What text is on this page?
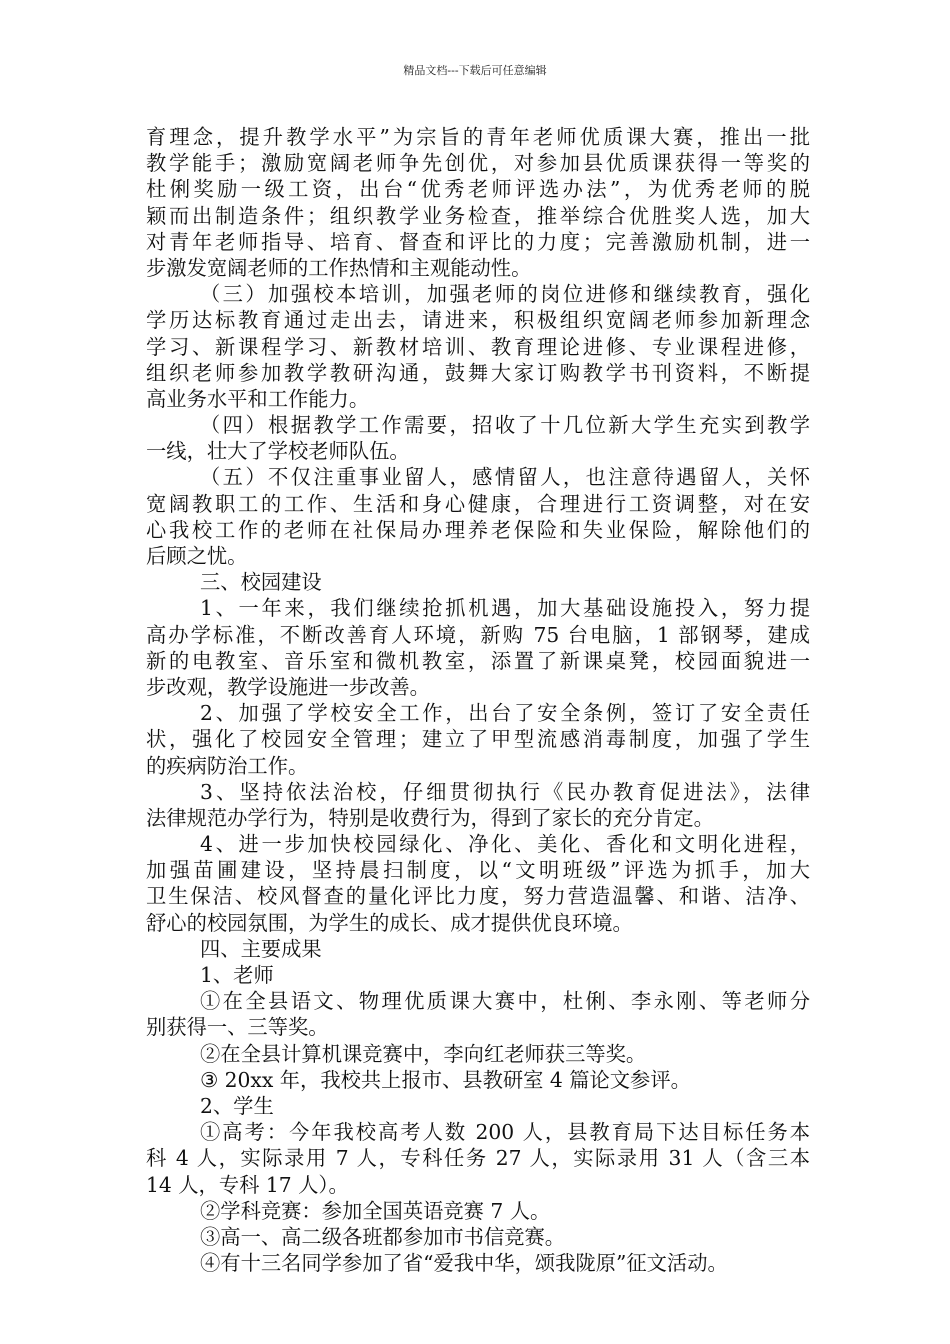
精品文档---下载后可任意编辑
育理念，提升教学水平”为宗旨的青年老师优质课大赛，推出一批
教学能手；激励宽阔老师争先创优，对参加县优质课获得一等奖的
杜俐奖励一级工资，出台“优秀老师评选办法”，为优秀老师的脱
颖而出制造条件；组织教学业务检查，推举综合优胜奖人选，加大
对青年老师指导、培育、督查和评比的力度；完善激励机制，进一
步激发宽阔老师的工作热情和主观能动性。
（三）加强校本培训，加强老师的岗位进修和继续教育，强化
学历达标教育通过走出去，请进来，积极组织宽阔老师参加新理念
学习、新课程学习、新教材培训、教育理论进修、专业课程进修，
组织老师参加教学教研沟通，鼓舞大家订购教学书刊资料，不断提
高业务水平和工作能力。
（四）根据教学工作需要，招收了十几位新大学生充实到教学
一线，壮大了学校老师队伍。
（五）不仅注重事业留人，感情留人，也注意待遇留人，关怀
宽阔教职工的工作、生活和身心健康，合理进行工资调整，对在安
心我校工作的老师在社保局办理养老保险和失业保险，解除他们的
后顾之忧。
三、校园建设
1、一年来，我们继续抢抓机遇，加大基础设施投入，努力提
高办学标准，不断改善育人环境，新购 75 台电脑，1 部钢琴，建成
新的电教室、音乐室和微机教室，添置了新课桌凳，校园面貌进一
步改观，教学设施进一步改善。
2、加强了学校安全工作，出台了安全条例，签订了安全责任
状，强化了校园安全管理；建立了甲型流感消毒制度，加强了学生
的疾病防治工作。
3、坚持依法治校，仔细贯彻执行《民办教育促进法》，法律
法律规范办学行为，特别是收费行为，得到了家长的充分肯定。
4、进一步加快校园绿化、净化、美化、香化和文明化进程，
加强苗圃建设，坚持晨扫制度，以“文明班级”评选为抓手，加大
卫生保洁、校风督查的量化评比力度，努力营造温馨、和谐、洁净、
舒心的校园氛围，为学生的成长、成才提供优良环境。
四、主要成果
1、老师
①在全县语文、物理优质课大赛中，杜俐、李永刚、等老师分
别获得一、三等奖。
②在全县计算机课竞赛中，李向红老师获三等奖。
③ 20xx 年，我校共上报市、县教研室 4 篇论文参评。
2、学生
①高考：今年我校高考人数 200 人，县教育局下达目标任务本
科 4 人，实际录用 7 人，专科任务 27 人，实际录用 31 人（含三本
14 人，专科 17 人）。
②学科竞赛：参加全国英语竞赛 7 人。
③高一、高二级各班都参加市书信竞赛。
④有十三名同学参加了省“爱我中华，颂我陇原”征文活动。
